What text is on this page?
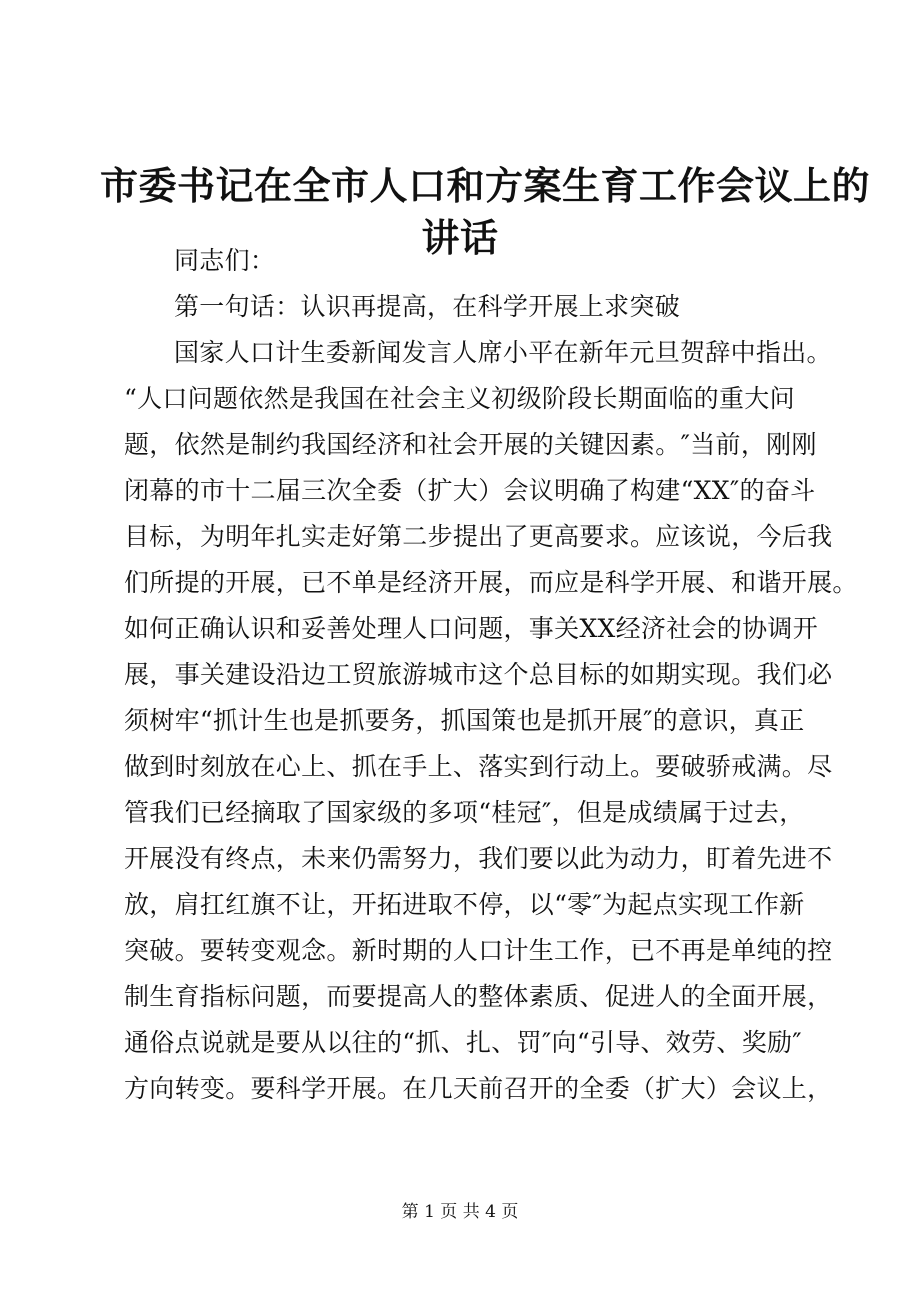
市委书记在全市人口和方案生育工作会议上的
讲话
同志们：
第一句话：认识再提高，在科学开展上求突破
国家人口计生委新闻发言人席小平在新年元旦贺辞中指出。
“人口问题依然是我国在社会主义初级阶段长期面临的重大问
题，依然是制约我国经济和社会开展的关键因素。″当前，刚刚
闭幕的市十二届三次全委（扩大）会议明确了构建“XX″的奋斗
目标，为明年扎实走好第二步提出了更高要求。应该说，今后我
们所提的开展，已不单是经济开展，而应是科学开展、和谐开展。
如何正确认识和妥善处理人口问题，事关XX经济社会的协调开
展，事关建设沿边工贸旅游城市这个总目标的如期实现。我们必
须树牢“抓计生也是抓要务，抓国策也是抓开展″的意识，真正
做到时刻放在心上、抓在手上、落实到行动上。要破骄戒满。尽
管我们已经摘取了国家级的多项“桂冠″，但是成绩属于过去，
开展没有终点，未来仍需努力，我们要以此为动力，盯着先进不
放，肩扛红旗不让，开拓进取不停，以“零″为起点实现工作新
突破。要转变观念。新时期的人口计生工作，已不再是单纯的控
制生育指标问题，而要提高人的整体素质、促进人的全面开展，
通俗点说就是要从以往的“抓、扎、罚″向“引导、效劳、奖励″
方向转变。要科学开展。在几天前召开的全委（扩大）会议上，
第 1 页 共 4 页
